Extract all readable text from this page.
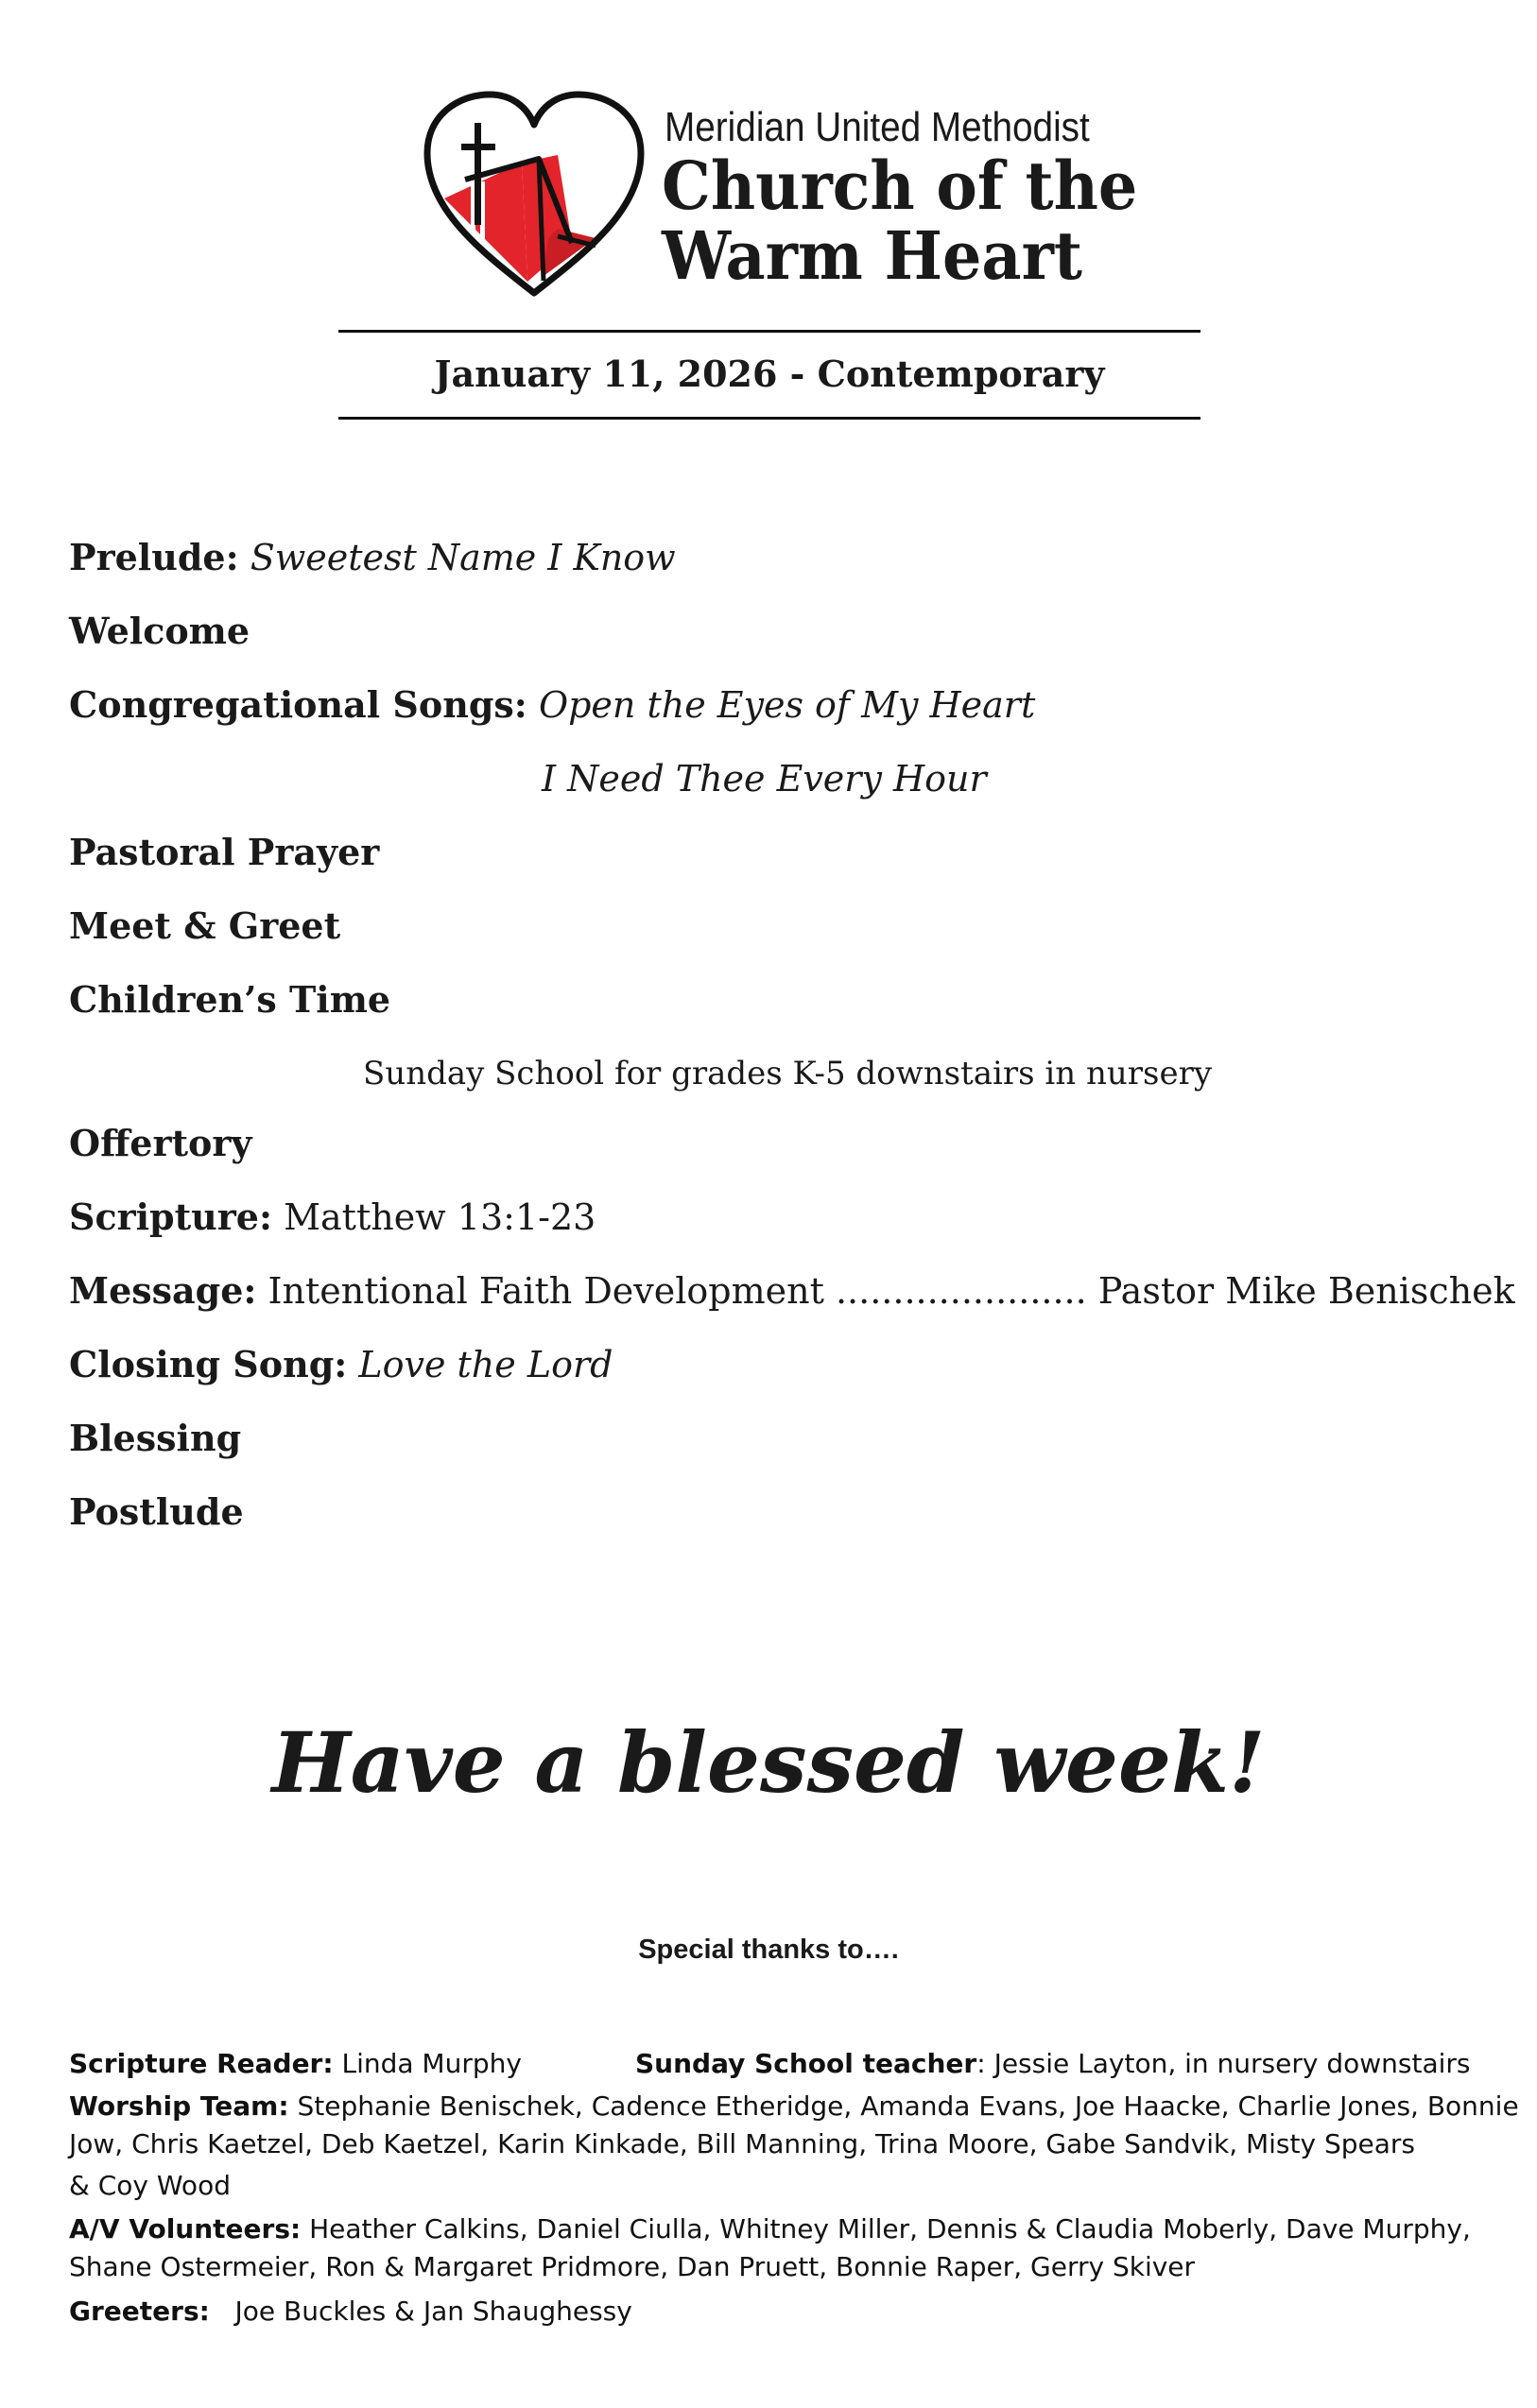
Meridian United Methodist
Church of the
Warm Heart
January 11, 2026 - Contemporary
Prelude: Sweetest Name I Know
Welcome
Congregational Songs: Open the Eyes of My Heart
I Need Thee Every Hour
Pastoral Prayer
Meet & Greet
Children’s Time
Sunday School for grades K-5 downstairs in nursery
Offertory
Scripture: Matthew 13:1-23
Message: Intentional Faith Development ...................... Pastor Mike Benischek
Closing Song: Love the Lord
Blessing
Postlude
Have a blessed week!
Special thanks to….
Scripture Reader: Linda Murphy	Sunday School teacher: Jessie Layton, in nursery downstairs
Worship Team: Stephanie Benischek, Cadence Etheridge, Amanda Evans, Joe Haacke, Charlie Jones, Bonnie
Jow, Chris Kaetzel, Deb Kaetzel, Karin Kinkade, Bill Manning, Trina Moore, Gabe Sandvik, Misty Spears
& Coy Wood
A/V Volunteers: Heather Calkins, Daniel Ciulla, Whitney Miller, Dennis & Claudia Moberly, Dave Murphy,
Shane Ostermeier, Ron & Margaret Pridmore, Dan Pruett, Bonnie Raper, Gerry Skiver
Greeters: Joe Buckles & Jan Shaughessy
